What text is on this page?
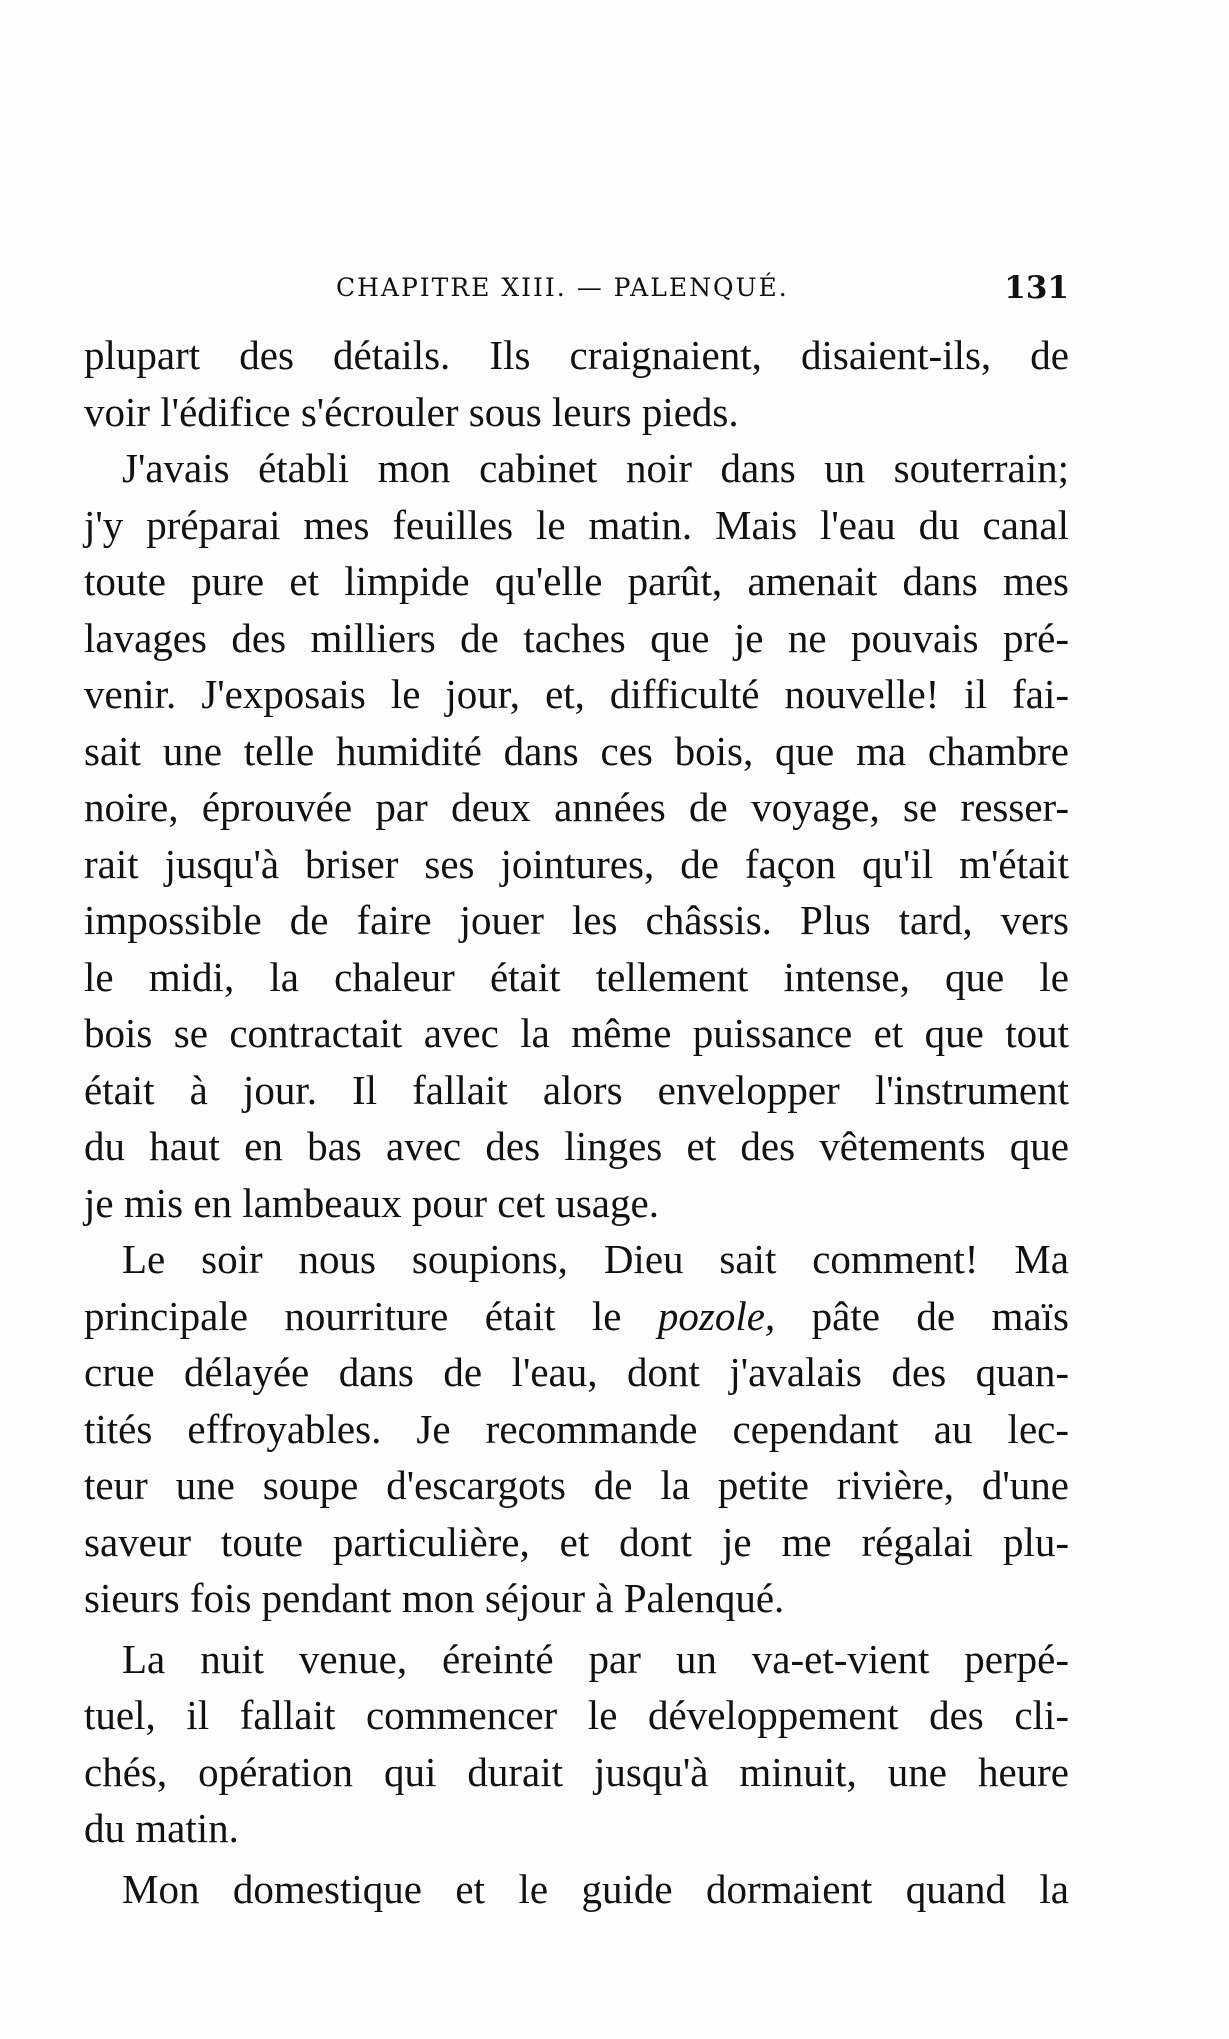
CHAPITRE XIII. — PALENQUÉ.	131
plupart des détails. Ils craignaient, disaient-ils, de
voir l'édifice s'écrouler sous leurs pieds.
J'avais établi mon cabinet noir dans un souterrain;
j'y préparai mes feuilles le matin. Mais l'eau du canal
toute pure et limpide qu'elle parût, amenait dans mes
lavages des milliers de taches que je ne pouvais pré-
venir. J'exposais le jour, et, difficulté nouvelle! il fai-
sait une telle humidité dans ces bois, que ma chambre
noire, éprouvée par deux années de voyage, se resser-
rait jusqu'à briser ses jointures, de façon qu'il m'était
impossible de faire jouer les châssis. Plus tard, vers
le midi, la chaleur était tellement intense, que le
bois se contractait avec la même puissance et que tout
était à jour. Il fallait alors envelopper l'instrument
du haut en bas avec des linges et des vêtements que
je mis en lambeaux pour cet usage.
Le soir nous soupions, Dieu sait comment! Ma
principale nourriture était le pozole, pâte de maïs
crue délayée dans de l'eau, dont j'avalais des quan-
tités effroyables. Je recommande cependant au lec-
teur une soupe d'escargots de la petite rivière, d'une
saveur toute particulière, et dont je me régalai plu-
sieurs fois pendant mon séjour à Palenqué.
La nuit venue, éreinté par un va-et-vient perpé-
tuel, il fallait commencer le développement des cli-
chés, opération qui durait jusqu'à minuit, une heure
du matin.
Mon domestique et le guide dormaient quand la
